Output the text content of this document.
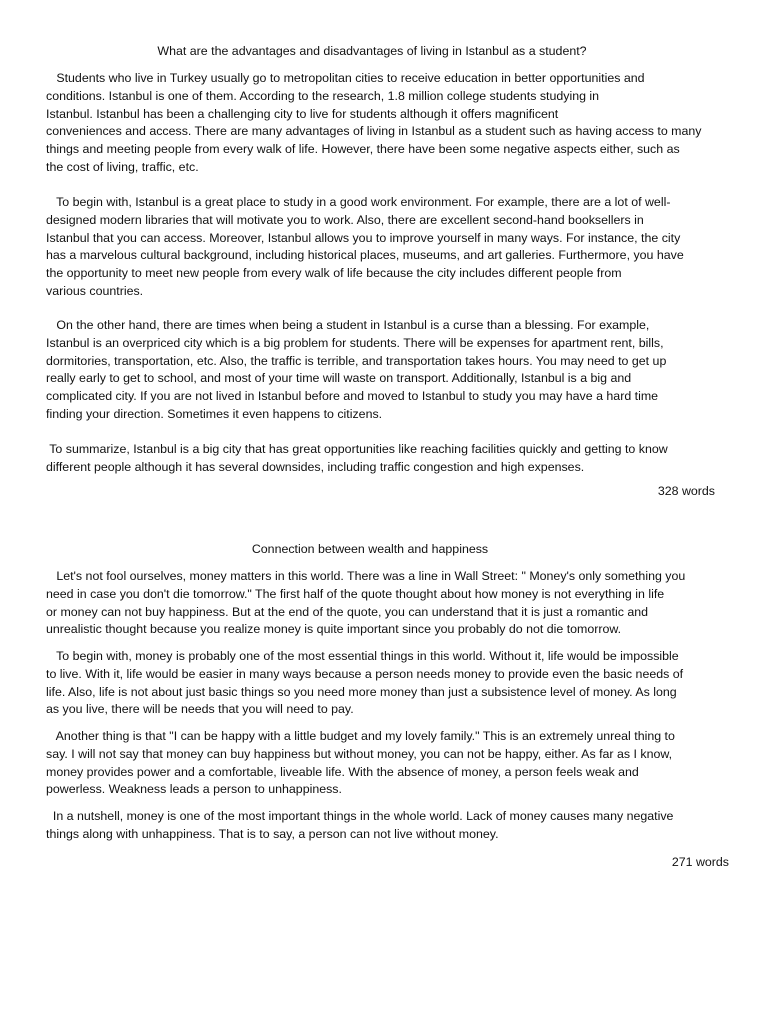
What are the advantages and disadvantages of living in Istanbul as a student?
Students who live in Turkey usually go to metropolitan cities to receive education in better opportunities and
conditions. Istanbul is one of them. According to the research, 1.8 million college students studying in
Istanbul. Istanbul has been a challenging city to live for students although it offers magnificent
conveniences and access. There are many advantages of living in Istanbul as a student such as having access to many
things and meeting people from every walk of life. However, there have been some negative aspects either, such as
the cost of living, traffic, etc.
To begin with, Istanbul is a great place to study in a good work environment. For example, there are a lot of well-
designed modern libraries that will motivate you to work. Also, there are excellent second-hand booksellers in
Istanbul that you can access. Moreover, Istanbul allows you to improve yourself in many ways. For instance, the city
has a marvelous cultural background, including historical places, museums, and art galleries. Furthermore, you have
the opportunity to meet new people from every walk of life because the city includes different people from
various countries.
On the other hand, there are times when being a student in Istanbul is a curse than a blessing. For example,
Istanbul is an overpriced city which is a big problem for students. There will be expenses for apartment rent, bills,
dormitories, transportation, etc. Also, the traffic is terrible, and transportation takes hours. You may need to get up
really early to get to school, and most of your time will waste on transport. Additionally, Istanbul is a big and
complicated city. If you are not lived in Istanbul before and moved to Istanbul to study you may have a hard time
finding your direction. Sometimes it even happens to citizens.
To summarize, Istanbul is a big city that has great opportunities like reaching facilities quickly and getting to know
different people although it has several downsides, including traffic congestion and high expenses.
328 words
Connection between wealth and happiness
Let's not fool ourselves, money matters in this world. There was a line in Wall Street: " Money's only something you
need in case you don't die tomorrow." The first half of the quote thought about how money is not everything in life
or money can not buy happiness. But at the end of the quote, you can understand that it is just a romantic and
unrealistic thought because you realize money is quite important since you probably do not die tomorrow.
To begin with, money is probably one of the most essential things in this world. Without it, life would be impossible
to live. With it, life would be easier in many ways because a person needs money to provide even the basic needs of
life. Also, life is not about just basic things so you need more money than just a subsistence level of money. As long
as you live, there will be needs that you will need to pay.
Another thing is that "I can be happy with a little budget and my lovely family." This is an extremely unreal thing to
say. I will not say that money can buy happiness but without money, you can not be happy, either. As far as I know,
money provides power and a comfortable, liveable life. With the absence of money, a person feels weak and
powerless. Weakness leads a person to unhappiness.
In a nutshell, money is one of the most important things in the whole world. Lack of money causes many negative
things along with unhappiness. That is to say, a person can not live without money.
271 words
